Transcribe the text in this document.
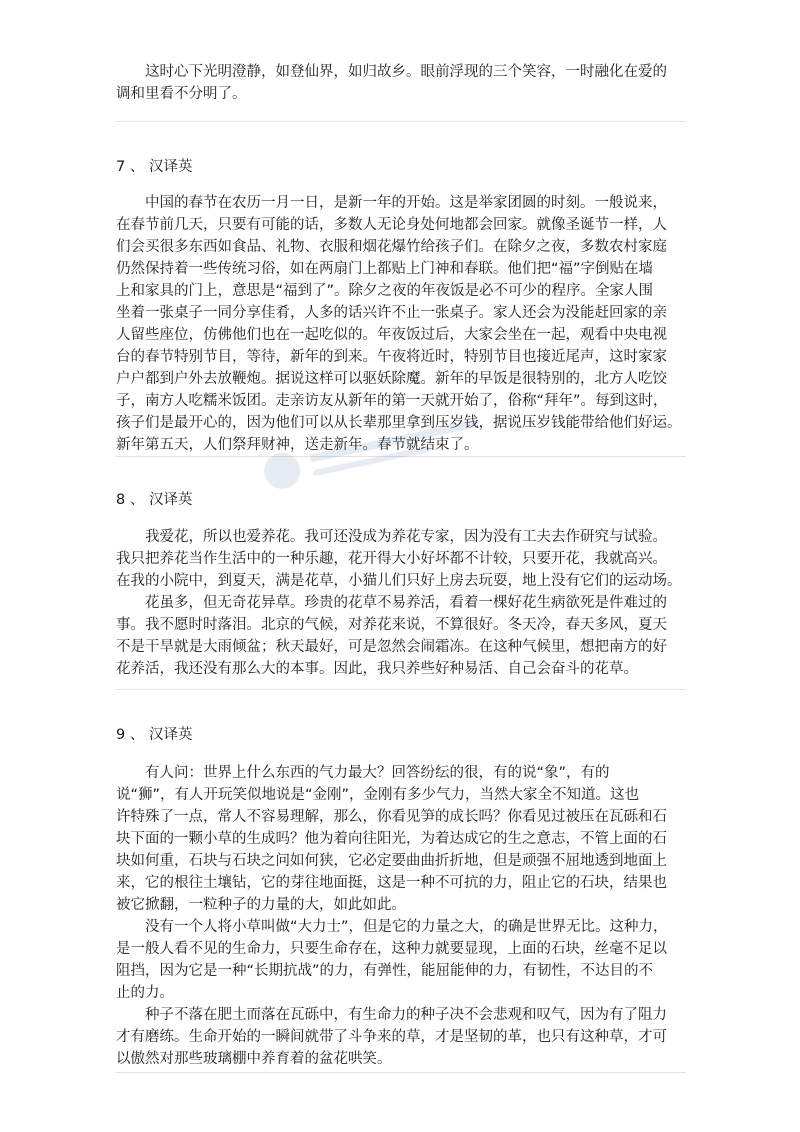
　　这时心下光明澄静，如登仙界，如归故乡。眼前浮现的三个笑容，一时融化在爱的
调和里看不分明了。

7 、 汉译英

　　中国的春节在农历一月一日，是新一年的开始。这是举家团圆的时刻。一般说来，
在春节前几天，只要有可能的话，多数人无论身处何地都会回家。就像圣诞节一样，人
们会买很多东西如食品、礼物、衣服和烟花爆竹给孩子们。在除夕之夜，多数农村家庭
仍然保持着一些传统习俗，如在两扇门上都贴上门神和春联。他们把“福”字倒贴在墙
上和家具的门上，意思是“福到了”。除夕之夜的年夜饭是必不可少的程序。全家人围
坐着一张桌子一同分享佳肴，人多的话兴许不止一张桌子。家人还会为没能赶回家的亲
人留些座位，仿佛他们也在一起吃似的。年夜饭过后，大家会坐在一起，观看中央电视
台的春节特别节目，等待，新年的到来。午夜将近时，特别节目也接近尾声，这时家家
户户都到户外去放鞭炮。据说这样可以驱妖除魔。新年的早饭是很特别的，北方人吃饺
子，南方人吃糯米饭团。走亲访友从新年的第一天就开始了，俗称“拜年”。每到这时，
孩子们是最开心的，因为他们可以从长辈那里拿到压岁钱，据说压岁钱能带给他们好运。
新年第五天，人们祭拜财神，送走新年。春节就结束了。

8 、 汉译英

　　我爱花，所以也爱养花。我可还没成为养花专家，因为没有工夫去作研究与试验。
我只把养花当作生活中的一种乐趣，花开得大小好坏都不计较，只要开花，我就高兴。
在我的小院中，到夏天，满是花草，小猫儿们只好上房去玩耍，地上没有它们的运动场。

　　花虽多，但无奇花异草。珍贵的花草不易养活，看着一棵好花生病欲死是件难过的
事。我不愿时时落泪。北京的气候，对养花来说，不算很好。冬天冷，春天多风，夏天
不是干旱就是大雨倾盆；秋天最好，可是忽然会闹霜冻。在这种气候里，想把南方的好
花养活，我还没有那么大的本事。因此，我只养些好种易活、自己会奋斗的花草。

9 、 汉译英

　　有人问：世界上什么东西的气力最大？回答纷纭的很，有的说“象”，有的
说“狮”，有人开玩笑似地说是“金刚”，金刚有多少气力，当然大家全不知道。这也
许特殊了一点，常人不容易理解，那么，你看见笋的成长吗？你看见过被压在瓦砾和石
块下面的一颗小草的生成吗？他为着向往阳光，为着达成它的生之意志，不管上面的石
块如何重，石块与石块之问如何狭，它必定要曲曲折折地，但是顽强不屈地透到地面上
来，它的根往土壤钻，它的芽往地面挺，这是一种不可抗的力，阻止它的石块，结果也
被它掀翻，一粒种子的力量的大，如此如此。

　　没有一个人将小草叫做“大力士”，但是它的力量之大，的确是世界无比。这种力，
是一般人看不见的生命力，只要生命存在，这种力就要显现，上面的石块，丝毫不足以
阻挡，因为它是一种“长期抗战”的力，有弹性，能屈能伸的力，有韧性，不达目的不
止的力。

　　种子不落在肥土而落在瓦砾中，有生命力的种子决不会悲观和叹气，因为有了阻力
才有磨练。生命开始的一瞬间就带了斗争来的草，才是坚韧的革，也只有这种草，才可
以傲然对那些玻璃棚中养育着的盆花哄笑。
